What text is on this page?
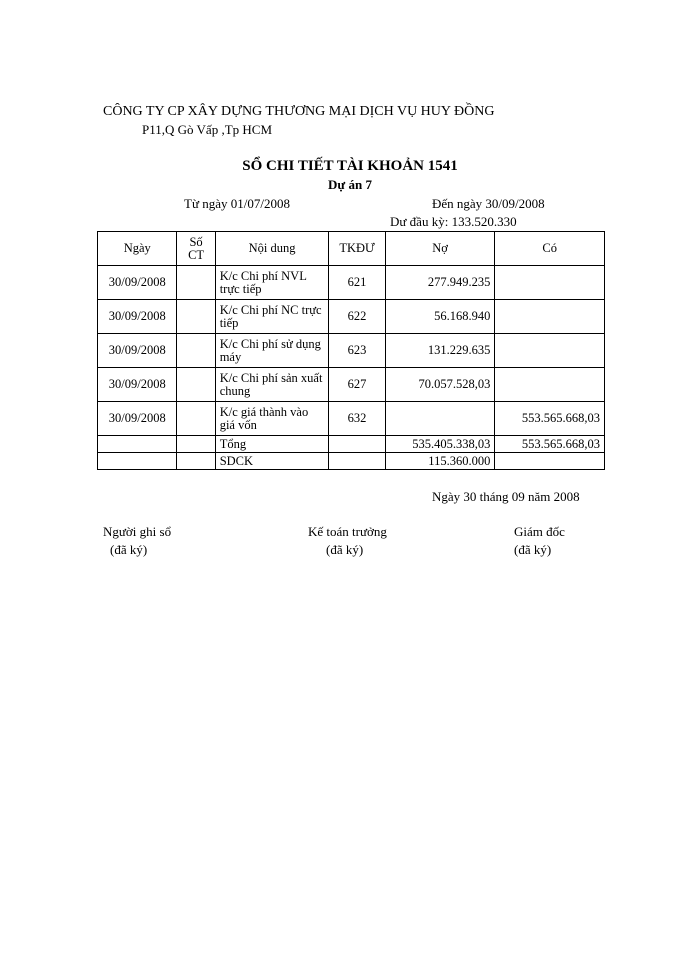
CÔNG TY CP XÂY DỰNG THƯƠNG MẠI DỊCH VỤ HUY ĐỒNG
P11,Q Gò Vấp ,Tp HCM
SỔ CHI TIẾT TÀI KHOẢN 1541
Dự án 7
Từ ngày 01/07/2008	Đến ngày 30/09/2008
Dư đầu kỳ: 133.520.330
Ngày	Số CT	Nội dung	TKĐƯ	Nợ	Có
30/09/2008		K/c Chi phí NVL trực tiếp	621	277.949.235	
30/09/2008		K/c Chi phí NC trực tiếp	622	56.168.940	
30/09/2008		K/c Chi phí sử dụng máy	623	131.229.635	
30/09/2008		K/c Chi phí sản xuất chung	627	70.057.528,03	
30/09/2008		K/c giá thành vào giá vốn	632		553.565.668,03
		Tổng		535.405.338,03	553.565.668,03
		SDCK		115.360.000	
Ngày 30 tháng 09 năm 2008
Người ghi sổ
(đã ký)
Kế toán trưởng
(đã ký)
Giám đốc
(đã ký)
